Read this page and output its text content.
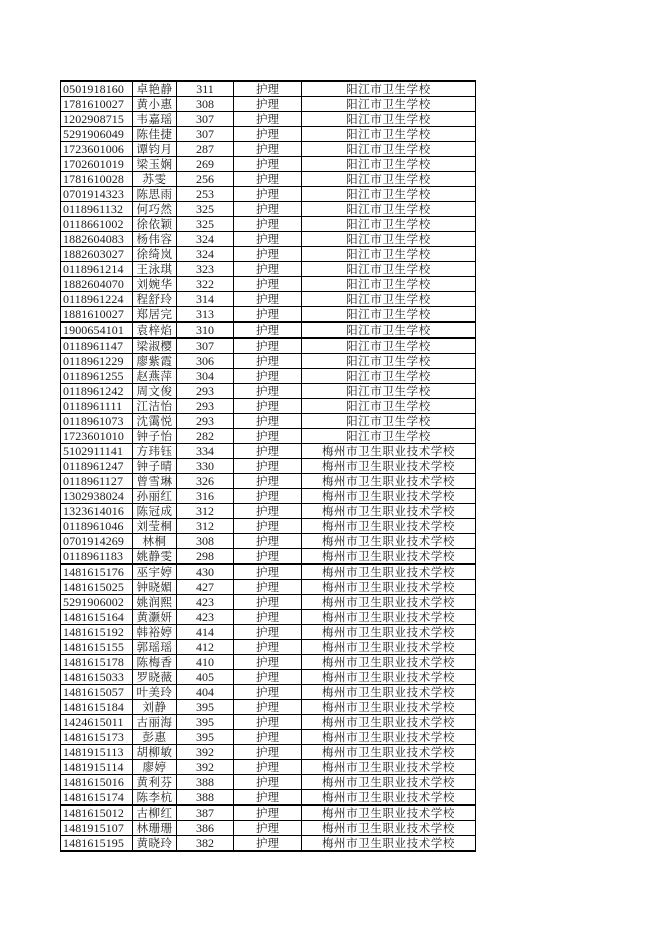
0501918160	卓艳静	311	护理	阳江市卫生学校
1781610027	黄小惠	308	护理	阳江市卫生学校
1202908715	韦嘉瑶	307	护理	阳江市卫生学校
5291906049	陈佳捷	307	护理	阳江市卫生学校
1723601006	谭钧月	287	护理	阳江市卫生学校
1702601019	梁玉娴	269	护理	阳江市卫生学校
1781610028	苏雯	256	护理	阳江市卫生学校
0701914323	陈思雨	253	护理	阳江市卫生学校
0118961132	何巧然	325	护理	阳江市卫生学校
0118661002	徐依颖	325	护理	阳江市卫生学校
1882604083	杨伟容	324	护理	阳江市卫生学校
1882603027	徐绮岚	324	护理	阳江市卫生学校
0118961214	王泳琪	323	护理	阳江市卫生学校
1882604070	刘婉华	322	护理	阳江市卫生学校
0118961224	程舒玲	314	护理	阳江市卫生学校
1881610027	郑居完	313	护理	阳江市卫生学校
1900654101	袁梓焰	310	护理	阳江市卫生学校
0118961147	梁淑樱	307	护理	阳江市卫生学校
0118961229	廖紫霞	306	护理	阳江市卫生学校
0118961255	赵燕萍	304	护理	阳江市卫生学校
0118961242	周文俊	293	护理	阳江市卫生学校
0118961111	江洁怡	293	护理	阳江市卫生学校
0118961073	沈霭悦	293	护理	阳江市卫生学校
1723601010	钟子怡	282	护理	阳江市卫生学校
5102911141	方玮钰	334	护理	梅州市卫生职业技术学校
0118961247	钟子晴	330	护理	梅州市卫生职业技术学校
0118961127	曾雪琳	326	护理	梅州市卫生职业技术学校
1302938024	孙丽红	316	护理	梅州市卫生职业技术学校
1323614016	陈冠成	312	护理	梅州市卫生职业技术学校
0118961046	刘莹桐	312	护理	梅州市卫生职业技术学校
0701914269	林桐	308	护理	梅州市卫生职业技术学校
0118961183	姚静雯	298	护理	梅州市卫生职业技术学校
1481615176	巫宇婷	430	护理	梅州市卫生职业技术学校
1481615025	钟晓媚	427	护理	梅州市卫生职业技术学校
5291906002	姚润熙	423	护理	梅州市卫生职业技术学校
1481615164	黄灏妍	423	护理	梅州市卫生职业技术学校
1481615192	韩裕婷	414	护理	梅州市卫生职业技术学校
1481615155	郭瑶瑶	412	护理	梅州市卫生职业技术学校
1481615178	陈梅香	410	护理	梅州市卫生职业技术学校
1481615033	罗晓薇	405	护理	梅州市卫生职业技术学校
1481615057	叶美玲	404	护理	梅州市卫生职业技术学校
1481615184	刘静	395	护理	梅州市卫生职业技术学校
1424615011	古丽海	395	护理	梅州市卫生职业技术学校
1481615173	彭惠	395	护理	梅州市卫生职业技术学校
1481915113	胡柳敏	392	护理	梅州市卫生职业技术学校
1481915114	廖婷	392	护理	梅州市卫生职业技术学校
1481615016	黄利芬	388	护理	梅州市卫生职业技术学校
1481615174	陈李杭	388	护理	梅州市卫生职业技术学校
1481615012	古柳红	387	护理	梅州市卫生职业技术学校
1481915107	林珊珊	386	护理	梅州市卫生职业技术学校
1481615195	黄晓玲	382	护理	梅州市卫生职业技术学校
